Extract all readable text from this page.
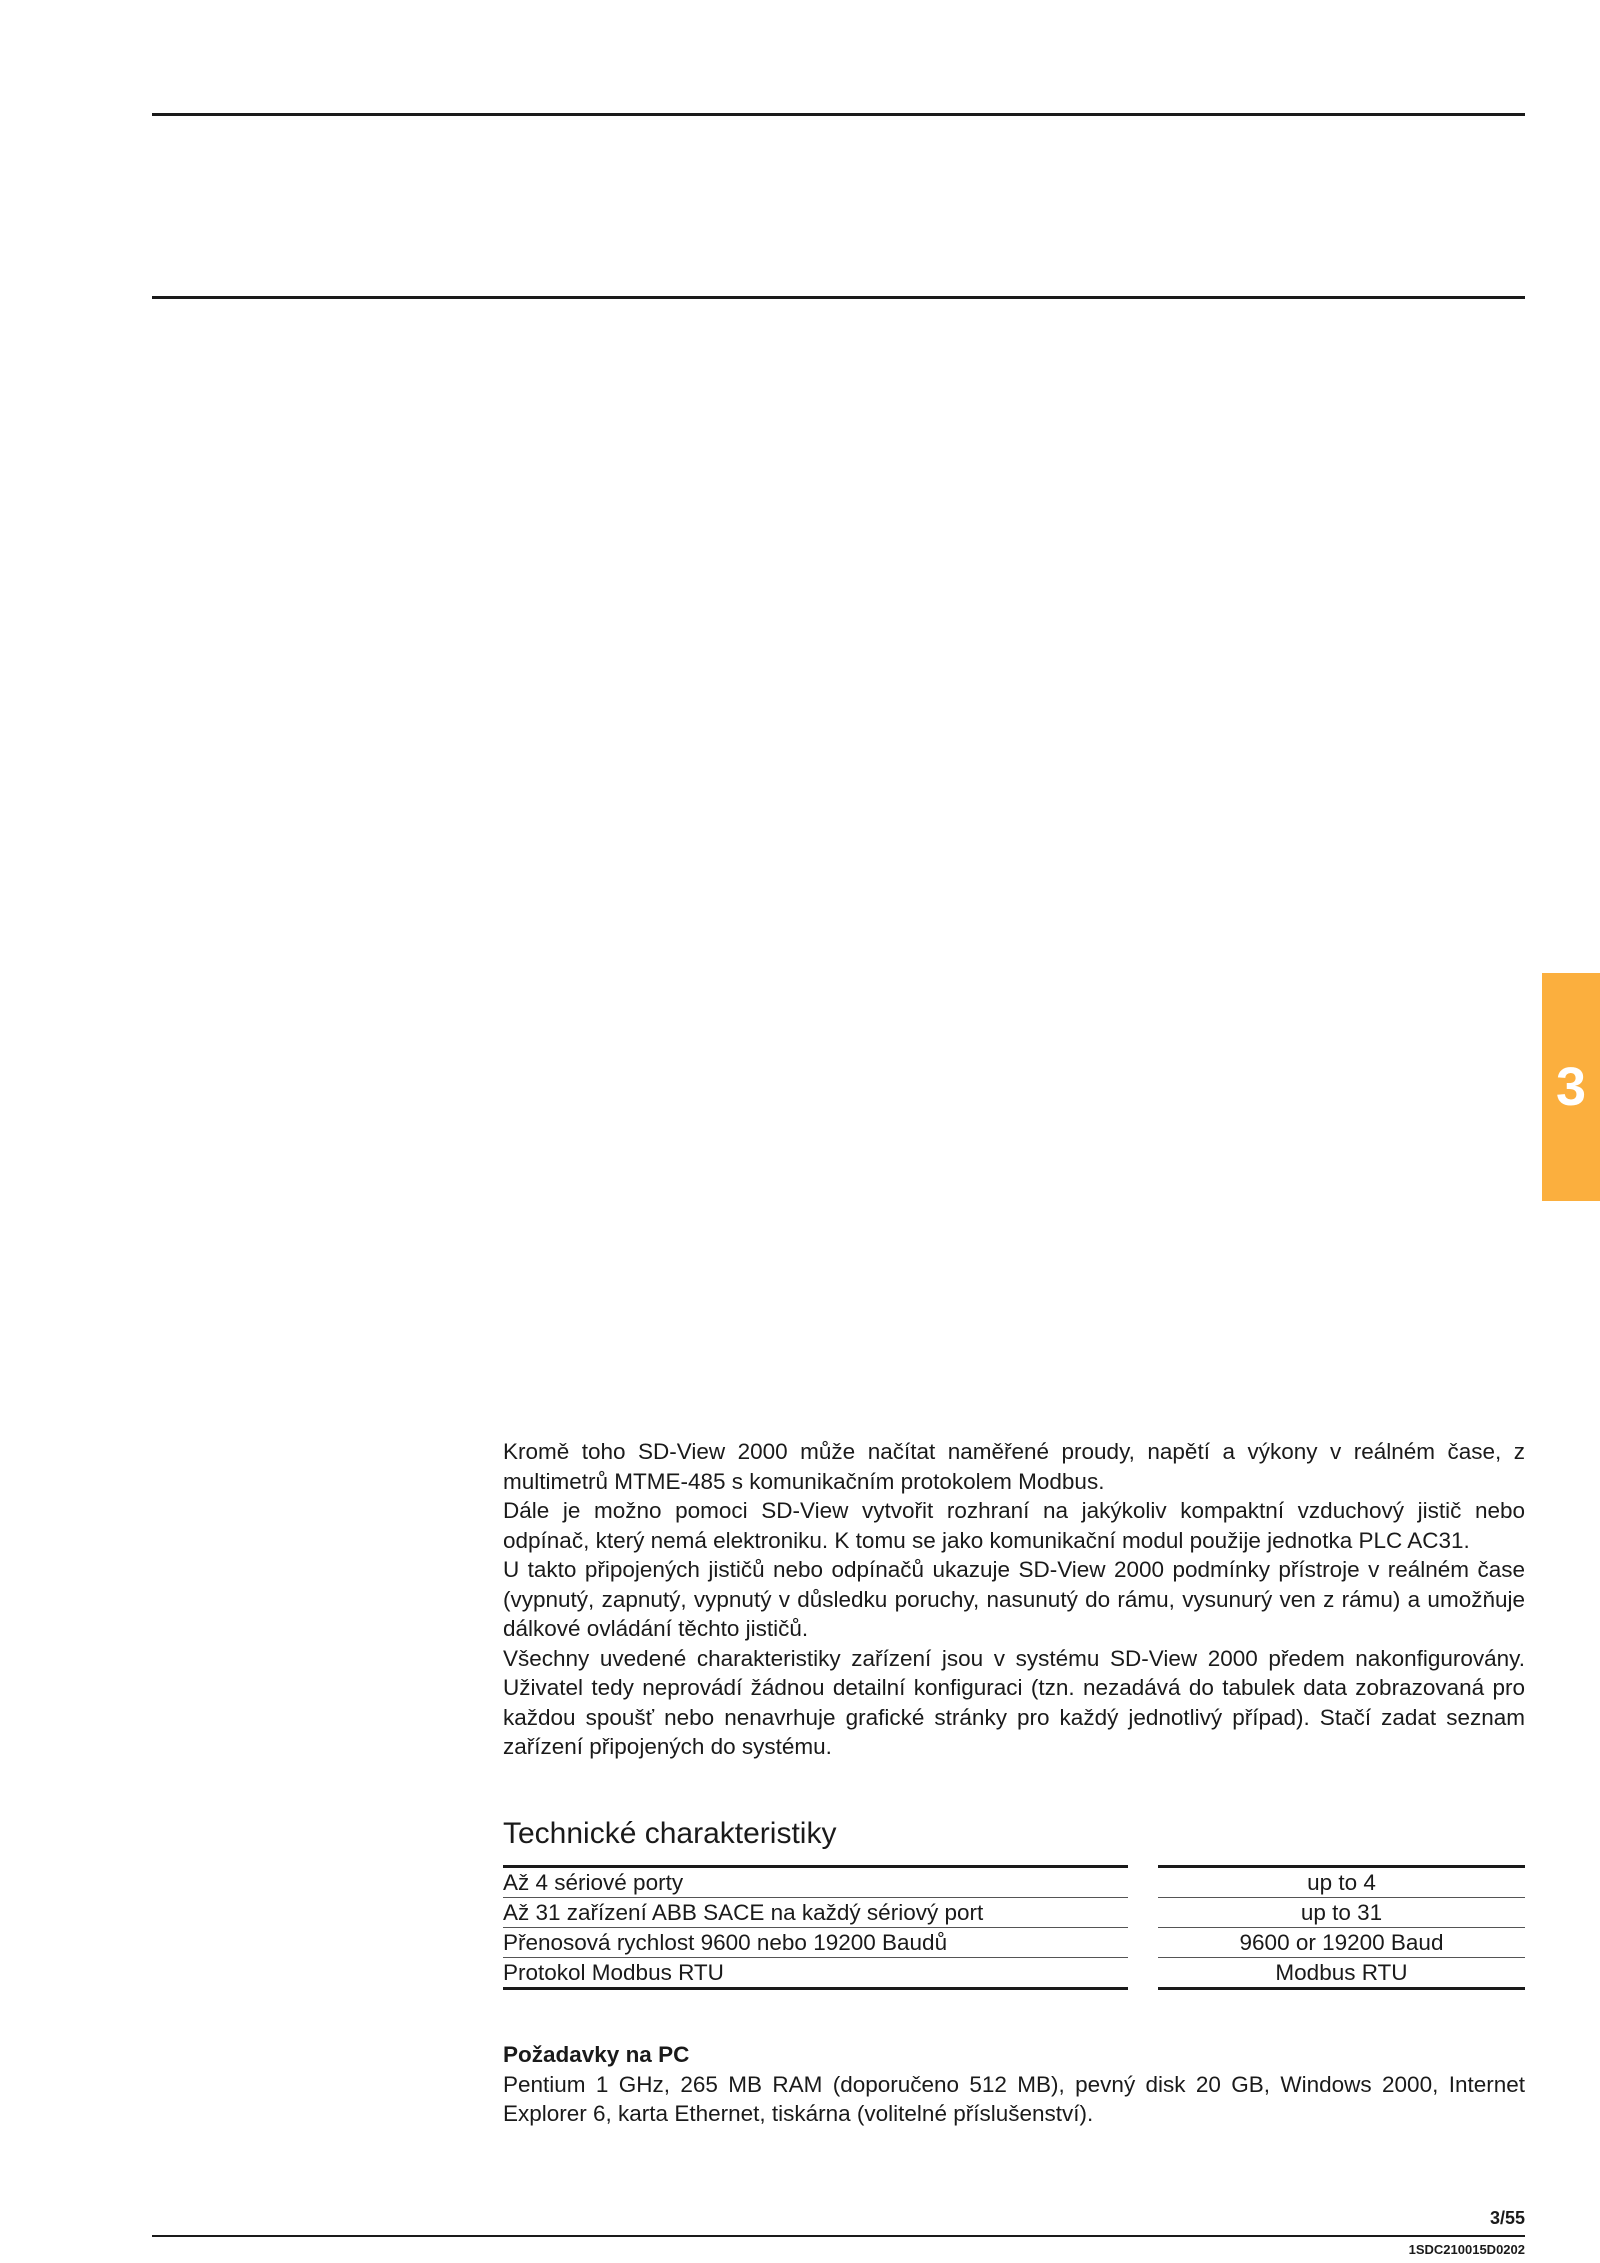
3

Kromě toho SD-View 2000 může načítat naměřené proudy, napětí a výkony v reálném čase, z multimetrů MTME-485 s komunikačním protokolem Modbus.

Dále je možno pomoci SD-View vytvořit rozhraní na jakýkoliv kompaktní vzduchový jistič nebo odpínač, který nemá elektroniku. K tomu se jako komunikační modul použije jednotka PLC AC31.

U takto připojených jističů nebo odpínačů ukazuje SD-View 2000 podmínky přístroje v reálném čase (vypnutý, zapnutý, vypnutý v důsledku poruchy, nasunutý do rámu, vysunurý ven z rámu) a umožňuje dálkové ovládání těchto jističů.

Všechny uvedené charakteristiky zařízení jsou v systému SD-View 2000 předem nakonfigurovány. Uživatel tedy neprovádí žádnou detailní konfiguraci (tzn. nezadává do tabulek data zobrazovaná pro každou spoušť nebo nenavrhuje grafické stránky pro každý jednotlivý případ). Stačí zadat seznam zařízení připojených do systému.

Technické charakteristiky
Až 4 sériové porty
Až 31 zařízení ABB SACE na každý sériový port
Přenosová rychlost 9600 nebo 19200 Baudů
Protokol Modbus RTU
up to 4
up to 31
9600 or 19200 Baud
Modbus RTU

Požadavky na PC

Pentium 1 GHz, 265 MB RAM (doporučeno 512 MB), pevný disk 20 GB, Windows 2000, Internet Explorer 6, karta Ethernet, tiskárna (volitelné příslušenství).

3/55
1SDC210015D0202
